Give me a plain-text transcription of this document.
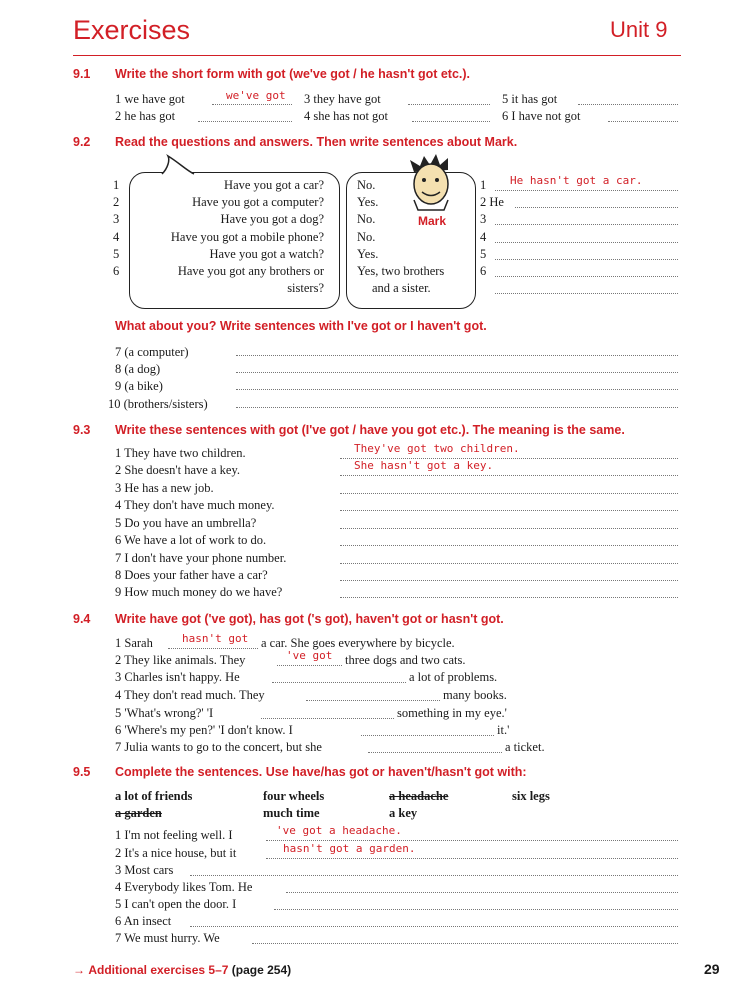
Exercises	Unit 9
9.1 Write the short form with got (we've got / he hasn't got etc.).
1 we have got	we've got
2 he has got
3 they have got
4 she has not got
5 it has got
6 I have not got
9.2 Read the questions and answers. Then write sentences about Mark.
Mark
1	Have you got a car?	No.
2	Have you got a computer?	Yes.
3	Have you got a dog?	No.
4	Have you got a mobile phone?	No.
5	Have you got a watch?	Yes.
6	Have you got any brothers or	Yes, two brothers
sisters?	and a sister.
1 He hasn't got a car.
2 He
3
4
5
6
What about you? Write sentences with I've got or I haven't got.
7 (a computer)
8 (a dog)
9 (a bike)
10 (brothers/sisters)
9.3 Write these sentences with got (I've got / have you got etc.). The meaning is the same.
1 They have two children.	They've got two children.
2 She doesn't have a key.	She hasn't got a key.
3 He has a new job.
4 They don't have much money.
5 Do you have an umbrella?
6 We have a lot of work to do.
7 I don't have your phone number.
8 Does your father have a car?
9 How much money do we have?
9.4 Write have got ('ve got), has got ('s got), haven't got or hasn't got.
1 Sarah	hasn't got a car. She goes everywhere by bicycle.
2 They like animals. They	've got three dogs and two cats.
3 Charles isn't happy. He	a lot of problems.
4 They don't read much. They	many books.
5 'What's wrong?' 'I	something in my eye.'
6 'Where's my pen?' 'I don't know. I	it.'
7 Julia wants to go to the concert, but she	a ticket.
9.5 Complete the sentences. Use have/has got or haven't/hasn't got with:
a lot of friends	four wheels	a headache	six legs
a garden	much time	a key
1 I'm not feeling well. I	've got a headache.
2 It's a nice house, but it	hasn't got a garden.
3 Most cars
4 Everybody likes Tom. He
5 I can't open the door. I
6 An insect
7 We must hurry. We
→ Additional exercises 5–7 (page 254)	29
